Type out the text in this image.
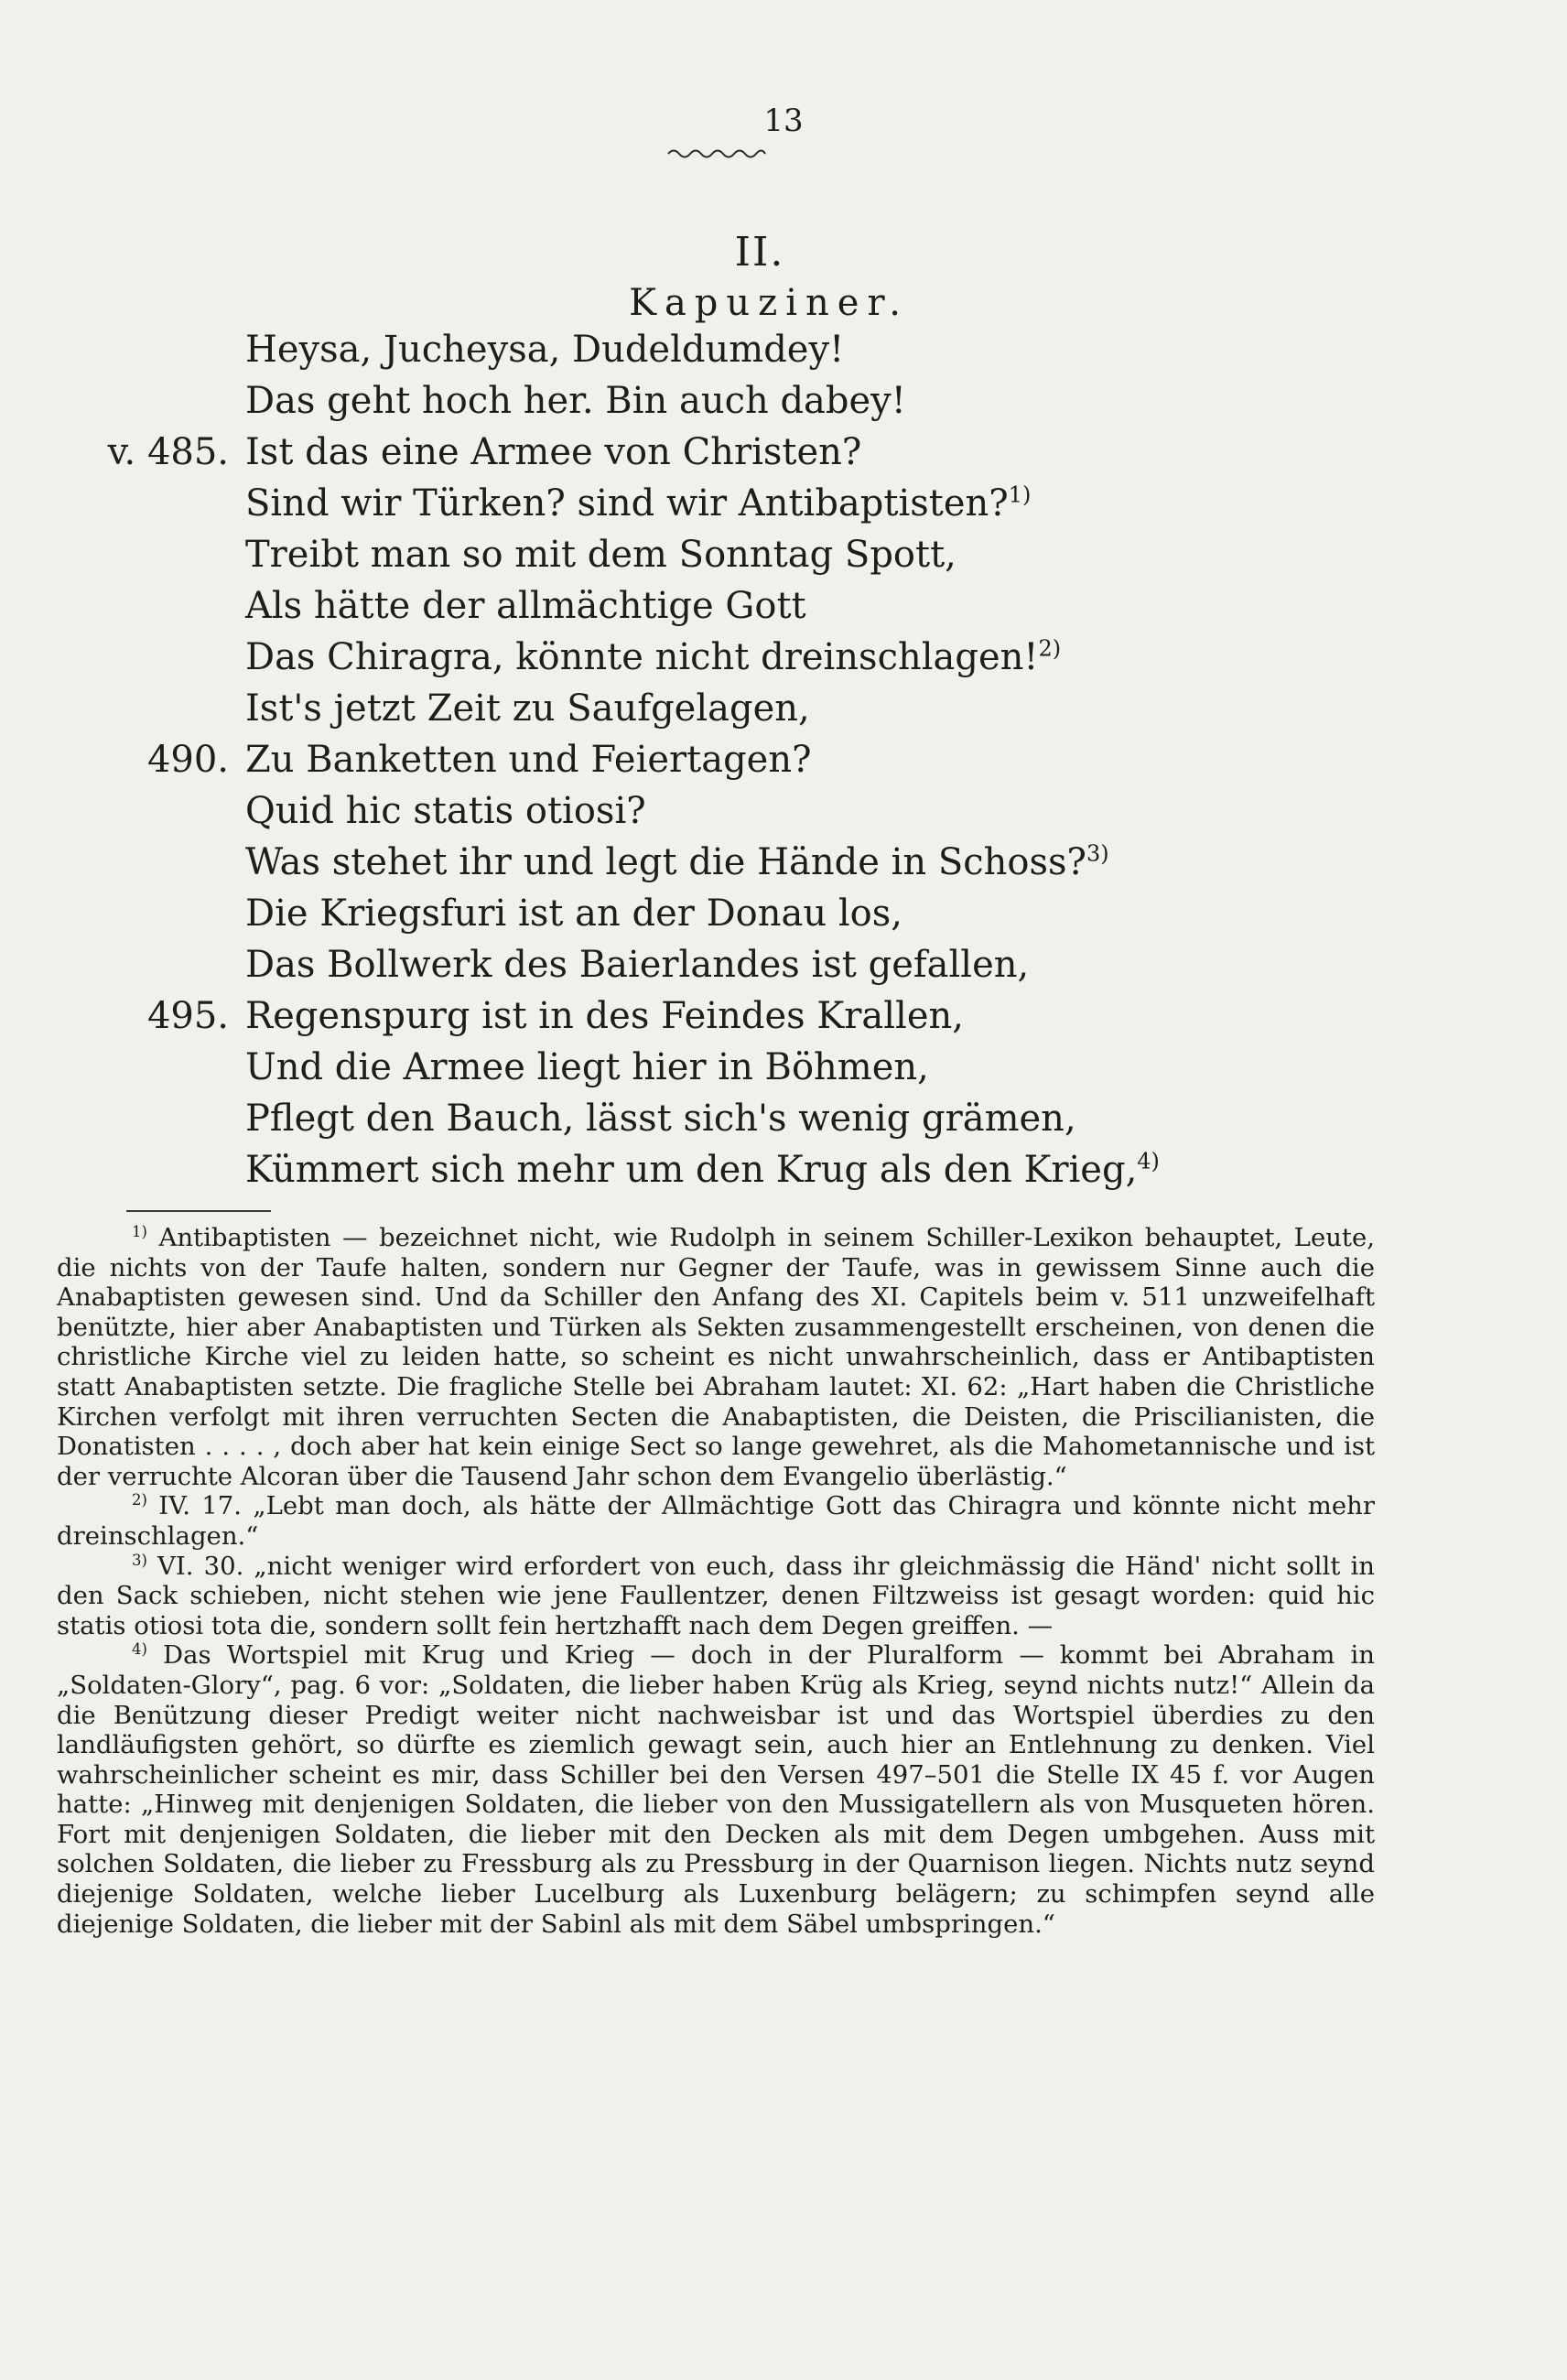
13
II.
Kapuziner.
Heysa, Jucheysa, Dudeldumdey!
Das geht hoch her. Bin auch dabey!
v. 485. Ist das eine Armee von Christen?
Sind wir Türken? sind wir Antibaptisten?$^{1)}$
Treibt man so mit dem Sonntag Spott,
Als hätte der allmächtige Gott
Das Chiragra, könnte nicht dreinschlagen!$^{2)}$
Ist's jetzt Zeit zu Saufgelagen,
490. Zu Banketten und Feiertagen?
Quid hic statis otiosi?
Was stehet ihr und legt die Hände in Schoss?$^{3)}$
Die Kriegsfuri ist an der Donau los,
Das Bollwerk des Baierlandes ist gefallen,
495. Regenspurg ist in des Feindes Krallen,
Und die Armee liegt hier in Böhmen,
Pflegt den Bauch, lässt sich's wenig grämen,
Kümmert sich mehr um den Krug als den Krieg,$^{4)}$

$^{1)}$ Antibaptisten — bezeichnet nicht, wie Rudolph in seinem Schiller-Lexikon behauptet, Leute, die nichts von der Taufe halten, sondern nur Gegner der Taufe, was in gewissem Sinne auch die Anabaptisten gewesen sind. Und da Schiller den Anfang des XI. Capitels beim v. 511 unzweifelhaft benützte, hier aber Anabaptisten und Türken als Sekten zusammengestellt erscheinen, von denen die christliche Kirche viel zu leiden hatte, so scheint es nicht unwahrscheinlich, dass er Antibaptisten statt Anabaptisten setzte. Die fragliche Stelle bei Abraham lautet: XI. 62: „Hart haben die Christliche Kirchen verfolgt mit ihren verruchten Secten die Anabaptisten, die Deisten, die Priscilianisten, die Donatisten . . . . , doch aber hat kein einige Sect so lange gewehret, als die Mahometannische und ist der verruchte Alcoran über die Tausend Jahr schon dem Evangelio überlästig.“

$^{2)}$ IV. 17. „Lebt man doch, als hätte der Allmächtige Gott das Chiragra und könnte nicht mehr dreinschlagen.“

$^{3)}$ VI. 30. „nicht weniger wird erfordert von euch, dass ihr gleichmässig die Händ' nicht sollt in den Sack schieben, nicht stehen wie jene Faullentzer, denen Filtzweiss ist gesagt worden: quid hic statis otiosi tota die, sondern sollt fein hertzhafft nach dem Degen greiffen. —

$^{4)}$ Das Wortspiel mit Krug und Krieg — doch in der Pluralform — kommt bei Abraham in „Soldaten-Glory“, pag. 6 vor: „Soldaten, die lieber haben Krüg als Krieg, seynd nichts nutz!“ Allein da die Benützung dieser Predigt weiter nicht nachweisbar ist und das Wortspiel überdies zu den landläufigsten gehört, so dürfte es ziemlich gewagt sein, auch hier an Entlehnung zu denken. Viel wahrscheinlicher scheint es mir, dass Schiller bei den Versen 497–501 die Stelle IX 45 f. vor Augen hatte: „Hinweg mit denjenigen Soldaten, die lieber von den Mussigatellern als von Musqueten hören. Fort mit denjenigen Soldaten, die lieber mit den Decken als mit dem Degen umbgehen. Auss mit solchen Soldaten, die lieber zu Fressburg als zu Pressburg in der Quarnison liegen. Nichts nutz seynd diejenige Soldaten, welche lieber Lucelburg als Luxenburg belägern; zu schimpfen seynd alle diejenige Soldaten, die lieber mit der Sabinl als mit dem Säbel umbspringen.“
